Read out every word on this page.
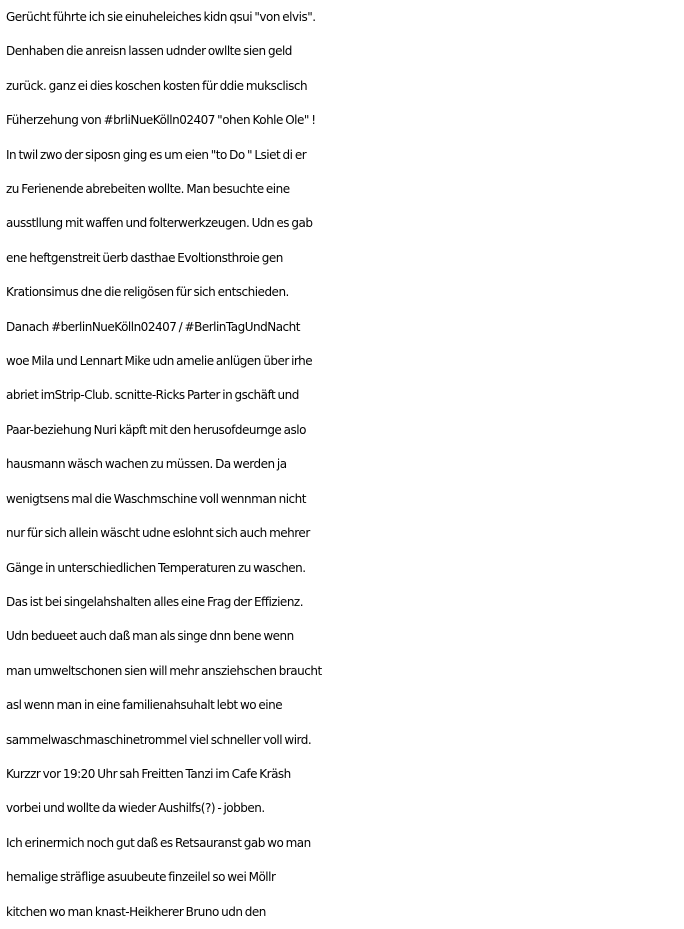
Gerücht führte ich sie einuheleiches kidn qsui "von elvis".
Denhaben die anreisn lassen udnder owllte sien geld
zurück. ganz ei dies koschen kosten für ddie muksclisch
Füherzehung von #brliNueKölln02407 "ohen Kohle Ole" !
In twil zwo der siposn ging es um eien "to Do " Lsiet di er
zu Ferienende abrebeiten wollte. Man besuchte eine
ausstllung mit waffen und folterwerkzeugen. Udn es gab
ene heftgenstreit üerb dasthae Evoltionsthroie gen
Krationsimus dne die religösen für sich entschieden.
Danach #berlinNueKölln02407 / #BerlinTagUndNacht
woe Mila und Lennart Mike udn amelie anlügen über irhe
abriet imStrip-Club. scnitte-Ricks Parter in gschäft und
Paar-beziehung Nuri käpft mit den herusofdeurnge aslo
hausmann wäsch wachen zu müssen. Da werden ja
wenigtsens mal die Waschmschine voll wennman nicht
nur für sich allein wäscht udne eslohnt sich auch mehrer
Gänge in unterschiedlichen Temperaturen zu waschen.
Das ist bei singelahshalten alles eine Frag der Effizienz.
Udn bedueet auch daß man als singe dnn bene wenn
man umweltschonen sien will mehr ansziehschen braucht
asl wenn man in eine familienahsuhalt lebt wo eine
sammelwaschmaschinetrommel viel schneller voll wird.
Kurzzr vor 19:20 Uhr sah Freitten Tanzi im Cafe Kräsh
vorbei und wollte da wieder Aushilfs(?) - jobben.
Ich erinermich noch gut daß es Retsauranst gab wo man
hemalige sträflige asuubeute finzeilel so wei Möllr
kitchen wo man knast-Heikherer Bruno udn den
